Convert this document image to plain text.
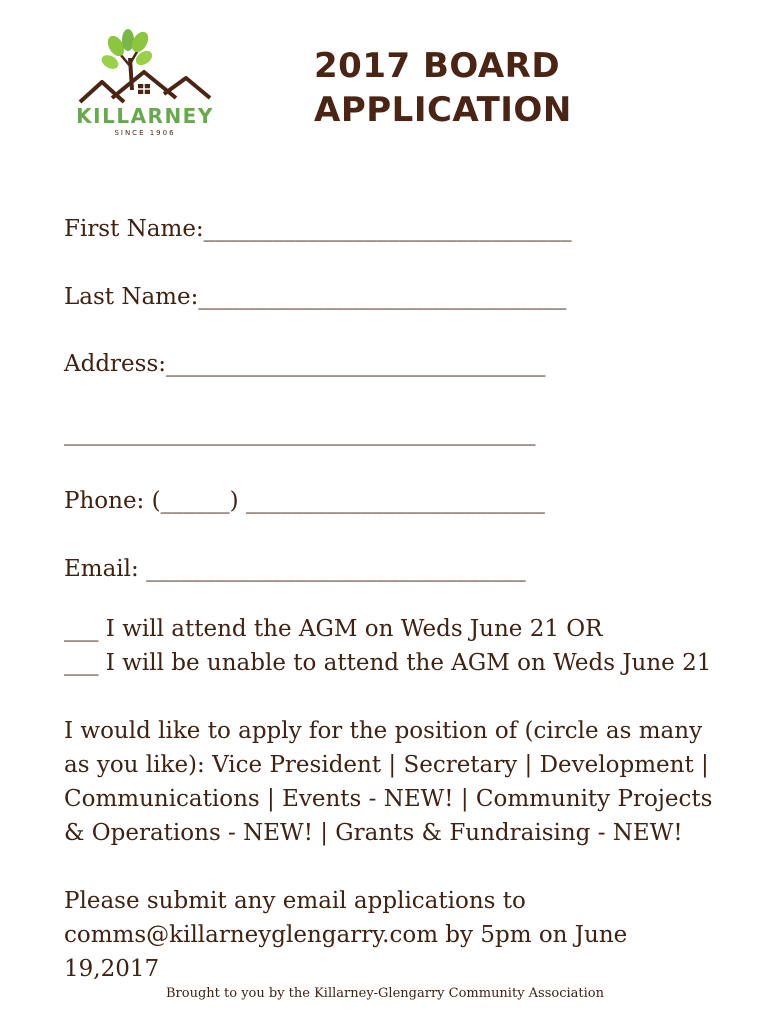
KILLARNEY
SINCE 1906
2017 BOARD
APPLICATION

First Name:________________________________

Last Name:________________________________

Address:_________________________________

_________________________________________

Phone: (______) __________________________

Email: _________________________________

___ I will attend the AGM on Weds June 21 OR

___ I will be unable to attend the AGM on Weds June 21

I would like to apply for the position of (circle as many as you like): Vice President | Secretary | Development | Communications | Events - NEW! | Community Projects & Operations - NEW! | Grants & Fundraising - NEW!

Please submit any email applications to comms@killarneyglengarry.com by 5pm on June 19,2017

Brought to you by the Killarney-Glengarry Community Association
